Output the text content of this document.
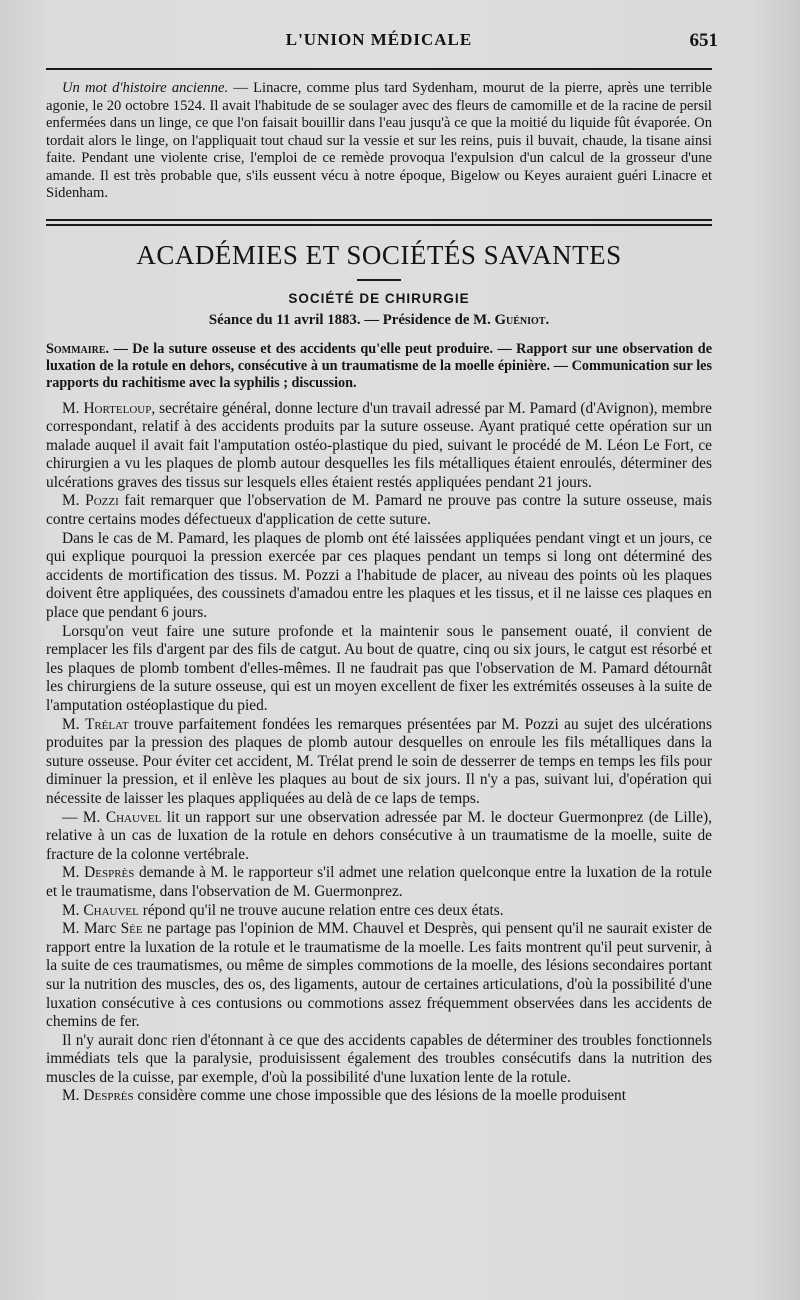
L'UNION MÉDICALE	651

Un mot d'histoire ancienne. — Linacre, comme plus tard Sydenham, mourut de la pierre, après une terrible agonie, le 20 octobre 1524. Il avait l'habitude de se soulager avec des fleurs de camomille et de la racine de persil enfermées dans un linge, ce que l'on faisait bouillir dans l'eau jusqu'à ce que la moitié du liquide fût évaporée. On tordait alors le linge, on l'appliquait tout chaud sur la vessie et sur les reins, puis il buvait, chaude, la tisane ainsi faite. Pendant une violente crise, l'emploi de ce remède provoqua l'expulsion d'un calcul de la grosseur d'une amande. Il est très probable que, s'ils eussent vécu à notre époque, Bigelow ou Keyes auraient guéri Linacre et Sidenham.

ACADÉMIES ET SOCIÉTÉS SAVANTES
SOCIÉTÉ DE CHIRURGIE
Séance du 11 avril 1883. — Présidence de M. Guéniot.

Sommaire. — De la suture osseuse et des accidents qu'elle peut produire. — Rapport sur une observation de luxation de la rotule en dehors, consécutive à un traumatisme de la moelle épinière. — Communication sur les rapports du rachitisme avec la syphilis ; discussion.

M. Horteloup, secrétaire général, donne lecture d'un travail adressé par M. Pamard (d'Avignon), membre correspondant, relatif à des accidents produits par la suture osseuse. Ayant pratiqué cette opération sur un malade auquel il avait fait l'amputation ostéo-plastique du pied, suivant le procédé de M. Léon Le Fort, ce chirurgien a vu les plaques de plomb autour desquelles les fils métalliques étaient enroulés, déterminer des ulcérations graves des tissus sur lesquels elles étaient restés appliquées pendant 21 jours.

M. Pozzi fait remarquer que l'observation de M. Pamard ne prouve pas contre la suture osseuse, mais contre certains modes défectueux d'application de cette suture.

Dans le cas de M. Pamard, les plaques de plomb ont été laissées appliquées pendant vingt et un jours, ce qui explique pourquoi la pression exercée par ces plaques pendant un temps si long ont déterminé des accidents de mortification des tissus. M. Pozzi a l'habitude de placer, au niveau des points où les plaques doivent être appliquées, des coussinets d'amadou entre les plaques et les tissus, et il ne laisse ces plaques en place que pendant 6 jours.

Lorsqu'on veut faire une suture profonde et la maintenir sous le pansement ouaté, il convient de remplacer les fils d'argent par des fils de catgut. Au bout de quatre, cinq ou six jours, le catgut est résorbé et les plaques de plomb tombent d'elles-mêmes. Il ne faudrait pas que l'observation de M. Pamard détournât les chirurgiens de la suture osseuse, qui est un moyen excellent de fixer les extrémités osseuses à la suite de l'amputation ostéoplastique du pied.

M. Trélat trouve parfaitement fondées les remarques présentées par M. Pozzi au sujet des ulcérations produites par la pression des plaques de plomb autour desquelles on enroule les fils métalliques dans la suture osseuse. Pour éviter cet accident, M. Trélat prend le soin de desserrer de temps en temps les fils pour diminuer la pression, et il enlève les plaques au bout de six jours. Il n'y a pas, suivant lui, d'opération qui nécessite de laisser les plaques appliquées au delà de ce laps de temps.

— M. Chauvel lit un rapport sur une observation adressée par M. le docteur Guermonprez (de Lille), relative à un cas de luxation de la rotule en dehors consécutive à un traumatisme de la moelle, suite de fracture de la colonne vertébrale.

M. Desprès demande à M. le rapporteur s'il admet une relation quelconque entre la luxation de la rotule et le traumatisme, dans l'observation de M. Guermonprez.

M. Chauvel répond qu'il ne trouve aucune relation entre ces deux états.

M. Marc Sée ne partage pas l'opinion de MM. Chauvel et Desprès, qui pensent qu'il ne saurait exister de rapport entre la luxation de la rotule et le traumatisme de la moelle. Les faits montrent qu'il peut survenir, à la suite de ces traumatismes, ou même de simples commotions de la moelle, des lésions secondaires portant sur la nutrition des muscles, des os, des ligaments, autour de certaines articulations, d'où la possibilité d'une luxation consécutive à ces contusions ou commotions assez fréquemment observées dans les accidents de chemins de fer.

Il n'y aurait donc rien d'étonnant à ce que des accidents capables de déterminer des troubles fonctionnels immédiats tels que la paralysie, produisissent également des troubles consécutifs dans la nutrition des muscles de la cuisse, par exemple, d'où la possibilité d'une luxation lente de la rotule.

M. Desprès considère comme une chose impossible que des lésions de la moelle produisent
